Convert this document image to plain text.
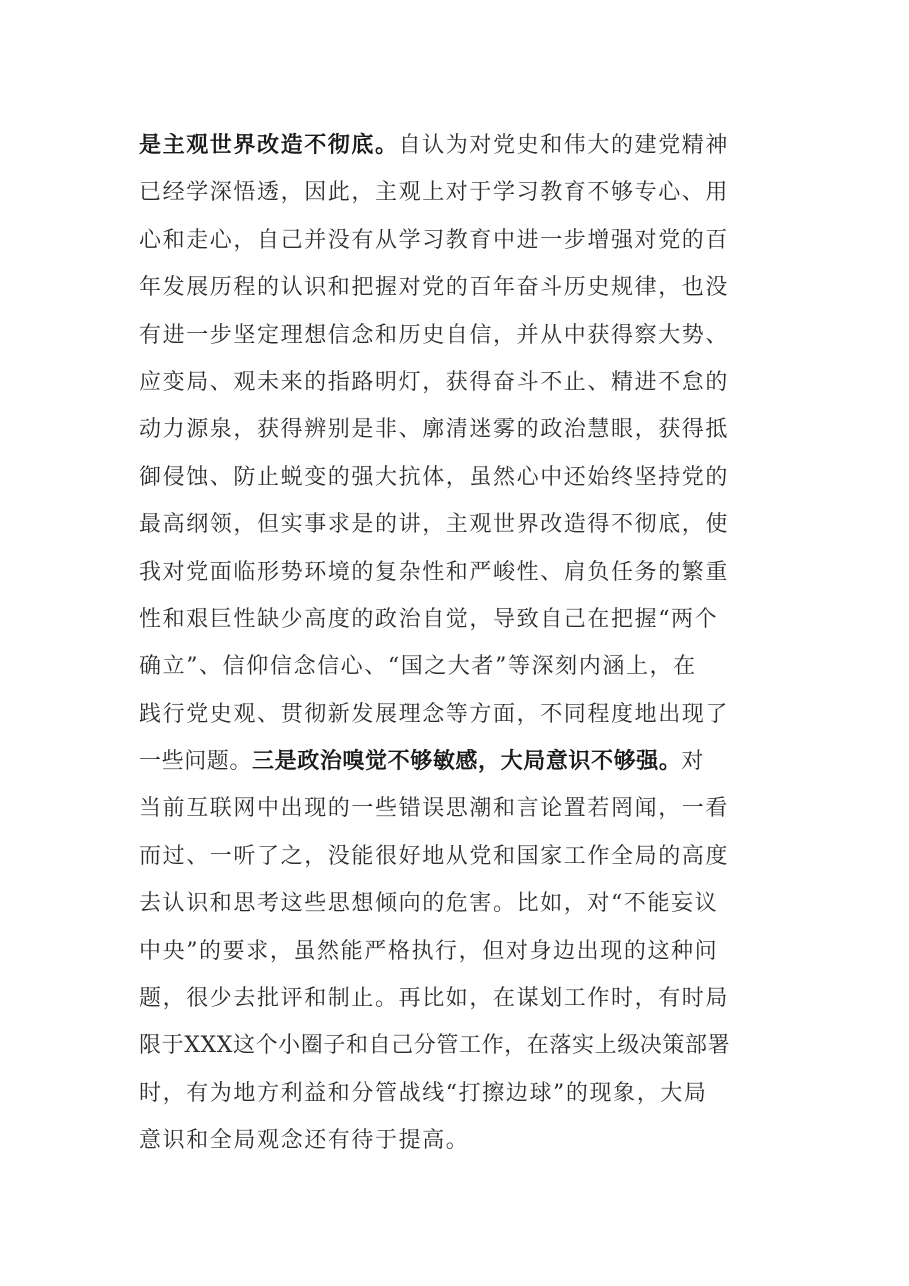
是主观世界改造不彻底。自认为对党史和伟大的建党精神
已经学深悟透，因此，主观上对于学习教育不够专心、用
心和走心，自己并没有从学习教育中进一步增强对党的百
年发展历程的认识和把握对党的百年奋斗历史规律，也没
有进一步坚定理想信念和历史自信，并从中获得察大势、
应变局、观未来的指路明灯，获得奋斗不止、精进不怠的
动力源泉，获得辨别是非、廓清迷雾的政治慧眼，获得抵
御侵蚀、防止蜕变的强大抗体，虽然心中还始终坚持党的
最高纲领，但实事求是的讲，主观世界改造得不彻底，使
我对党面临形势环境的复杂性和严峻性、肩负任务的繁重
性和艰巨性缺少高度的政治自觉，导致自己在把握“两个
确立”、信仰信念信心、“国之大者”等深刻内涵上，在
践行党史观、贯彻新发展理念等方面，不同程度地出现了
一些问题。三是政治嗅觉不够敏感，大局意识不够强。对
当前互联网中出现的一些错误思潮和言论置若罔闻，一看
而过、一听了之，没能很好地从党和国家工作全局的高度
去认识和思考这些思想倾向的危害。比如，对“不能妄议
中央”的要求，虽然能严格执行，但对身边出现的这种问
题，很少去批评和制止。再比如，在谋划工作时，有时局
限于XXX这个小圈子和自己分管工作，在落实上级决策部署
时，有为地方利益和分管战线“打擦边球”的现象，大局
意识和全局观念还有待于提高。
